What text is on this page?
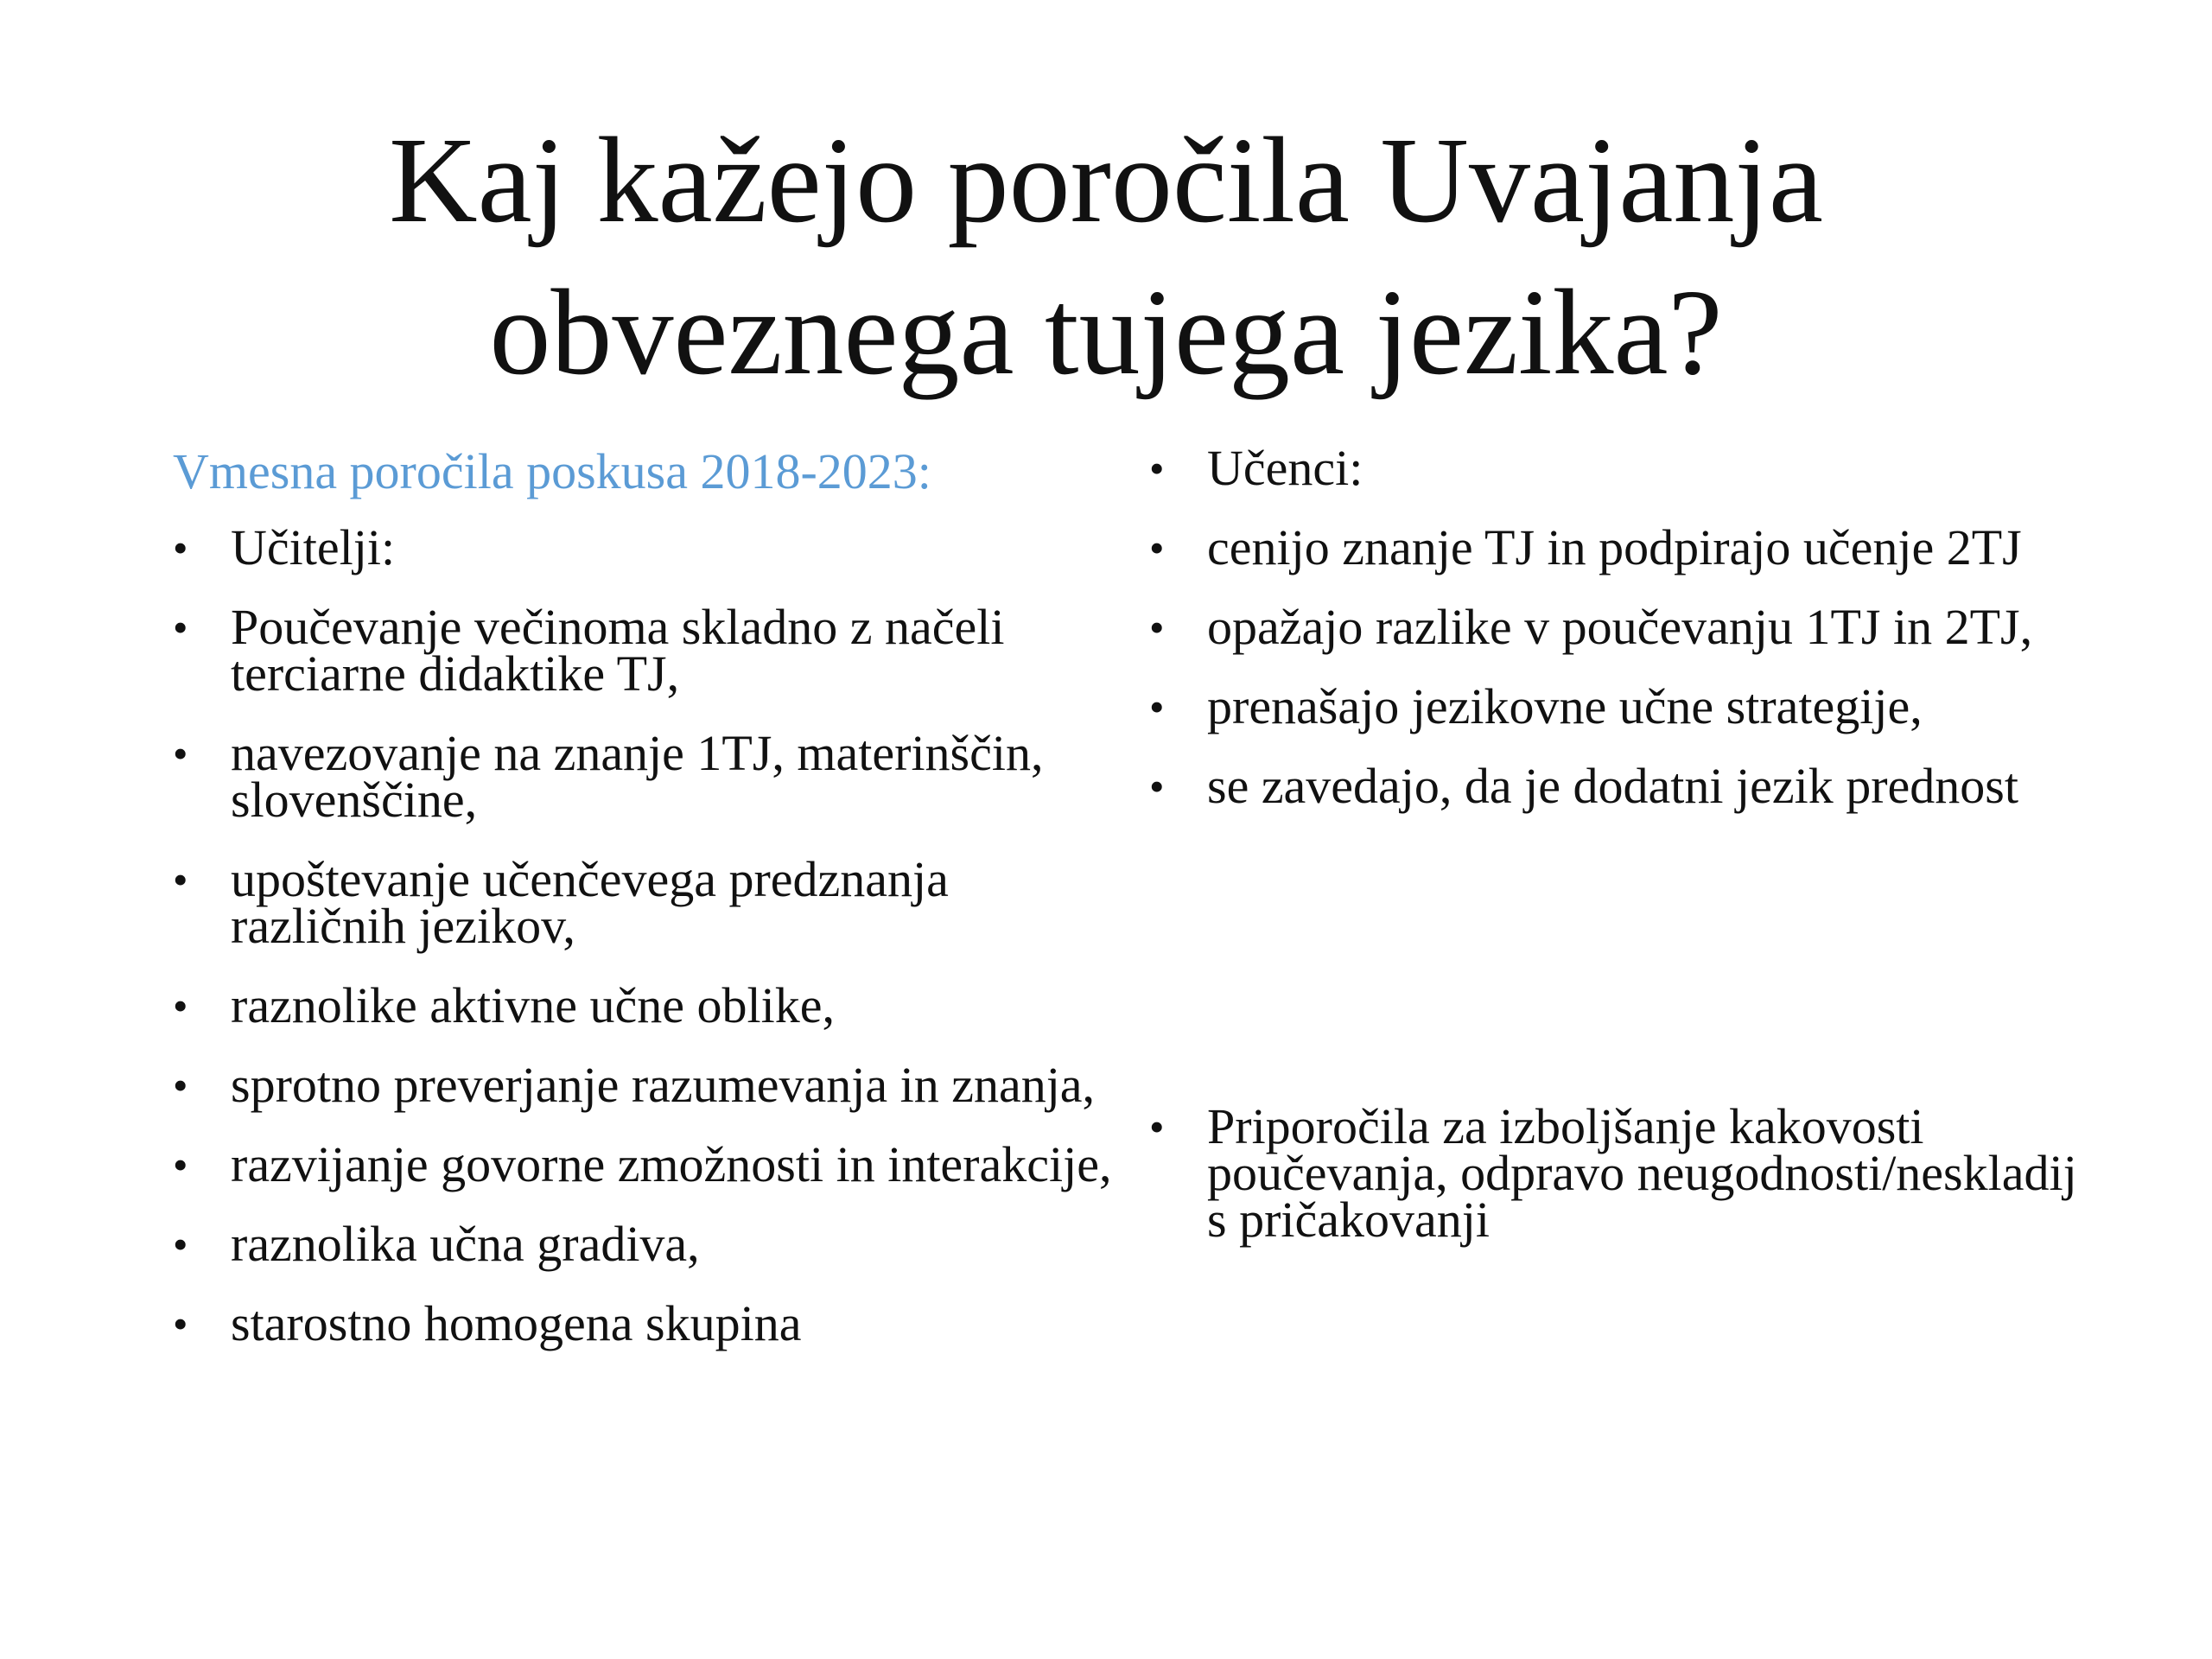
Kaj kažejo poročila Uvajanja
obveznega tujega jezika?
Vmesna poročila poskusa 2018-2023:
• Učitelji:
• Poučevanje večinoma skladno z načeli terciarne didaktike TJ,
• navezovanje na znanje 1TJ, materinščin, slovenščine,
• upoštevanje učenčevega predznanja različnih jezikov,
• raznolike aktivne učne oblike,
• sprotno preverjanje razumevanja in znanja,
• razvijanje govorne zmožnosti in interakcije,
• raznolika učna gradiva,
• starostno homogena skupina
• Učenci:
• cenijo znanje TJ in podpirajo učenje 2TJ
• opažajo razlike v poučevanju 1TJ in 2TJ,
• prenašajo jezikovne učne strategije,
• se zavedajo, da je dodatni jezik prednost
• Priporočila za izboljšanje kakovosti poučevanja, odpravo neugodnosti/neskladij s pričakovanji
